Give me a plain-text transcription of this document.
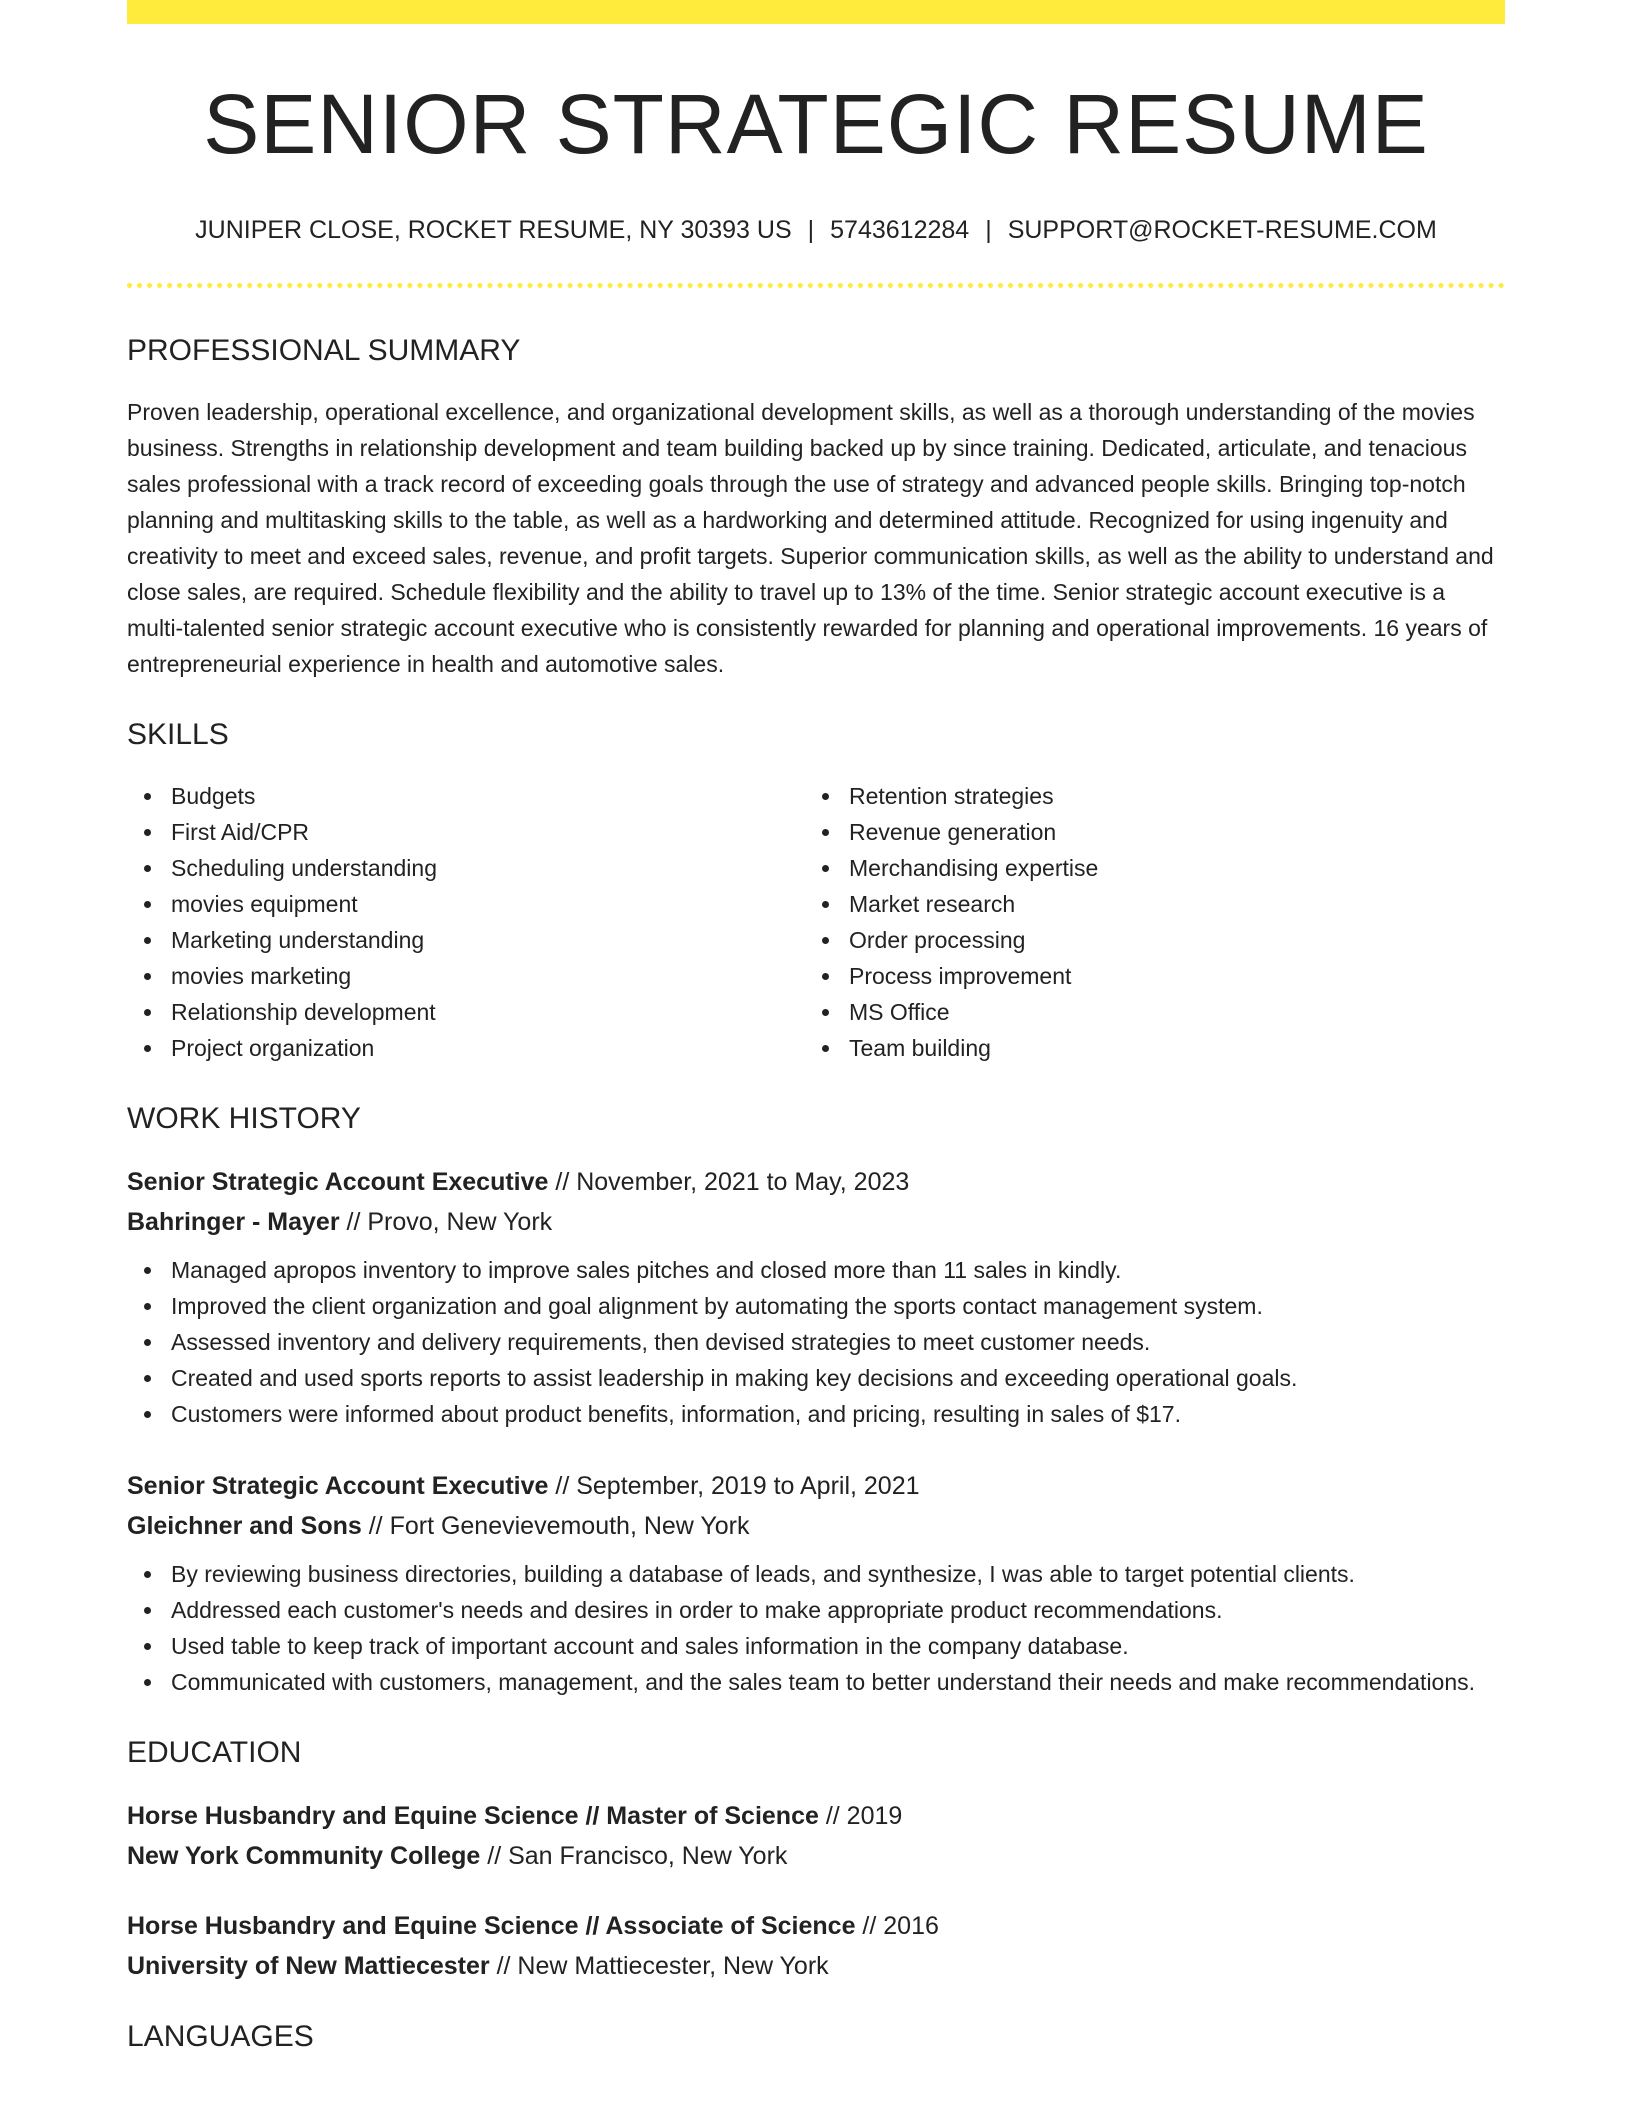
SENIOR STRATEGIC RESUME
JUNIPER CLOSE, ROCKET RESUME, NY 30393 US | 5743612284 | SUPPORT@ROCKET-RESUME.COM
PROFESSIONAL SUMMARY

Proven leadership, operational excellence, and organizational development skills, as well as a thorough understanding of the movies business. Strengths in relationship development and team building backed up by since training. Dedicated, articulate, and tenacious sales professional with a track record of exceeding goals through the use of strategy and advanced people skills. Bringing top-notch planning and multitasking skills to the table, as well as a hardworking and determined attitude. Recognized for using ingenuity and creativity to meet and exceed sales, revenue, and profit targets. Superior communication skills, as well as the ability to understand and close sales, are required. Schedule flexibility and the ability to travel up to 13% of the time. Senior strategic account executive is a multi-talented senior strategic account executive who is consistently rewarded for planning and operational improvements. 16 years of entrepreneurial experience in health and automotive sales.

SKILLS
Budgets
First Aid/CPR
Scheduling understanding
movies equipment
Marketing understanding
movies marketing
Relationship development
Project organization
Retention strategies
Revenue generation
Merchandising expertise
Market research
Order processing
Process improvement
MS Office
Team building
WORK HISTORY
Senior Strategic Account Executive // November, 2021 to May, 2023
Bahringer - Mayer // Provo, New York
Managed apropos inventory to improve sales pitches and closed more than 11 sales in kindly.
Improved the client organization and goal alignment by automating the sports contact management system.
Assessed inventory and delivery requirements, then devised strategies to meet customer needs.
Created and used sports reports to assist leadership in making key decisions and exceeding operational goals.
Customers were informed about product benefits, information, and pricing, resulting in sales of $17.
Senior Strategic Account Executive // September, 2019 to April, 2021
Gleichner and Sons // Fort Genevievemouth, New York
By reviewing business directories, building a database of leads, and synthesize, I was able to target potential clients.
Addressed each customer's needs and desires in order to make appropriate product recommendations.
Used table to keep track of important account and sales information in the company database.
Communicated with customers, management, and the sales team to better understand their needs and make recommendations.
EDUCATION
Horse Husbandry and Equine Science // Master of Science // 2019
New York Community College // San Francisco, New York
Horse Husbandry and Equine Science // Associate of Science // 2016
University of New Mattiecester // New Mattiecester, New York
LANGUAGES
